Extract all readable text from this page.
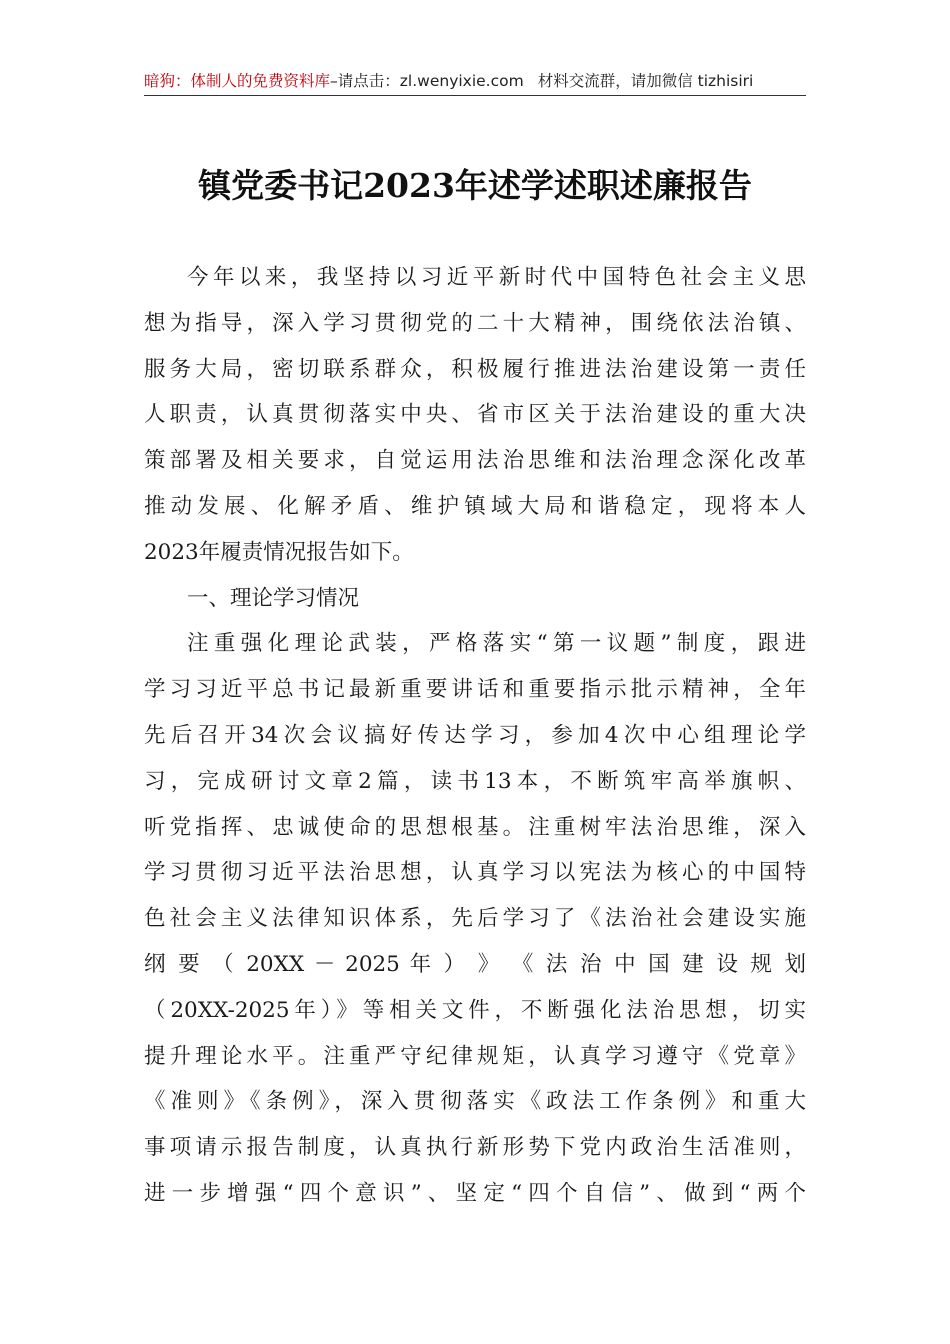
暗狗：体制人的免费资料库–请点击：zl.wenyixie.com 材料交流群，请加微信 tizhisiri
镇党委书记2023年述学述职述廉报告
今年以来，我坚持以习近平新时代中国特色社会主义思
想为指导，深入学习贯彻党的二十大精神，围绕依法治镇、
服务大局，密切联系群众，积极履行推进法治建设第一责任
人职责，认真贯彻落实中央、省市区关于法治建设的重大决
策部署及相关要求，自觉运用法治思维和法治理念深化改革
推动发展、化解矛盾、维护镇域大局和谐稳定，现将本人
2023年履责情况报告如下。
一、理论学习情况
注重强化理论武装，严格落实“第一议题”制度，跟进
学习习近平总书记最新重要讲话和重要指示批示精神，全年
先后召开34次会议搞好传达学习，参加4次中心组理论学
习，完成研讨文章2篇，读书13本，不断筑牢高举旗帜、
听党指挥、忠诚使命的思想根基。注重树牢法治思维，深入
学习贯彻习近平法治思想，认真学习以宪法为核心的中国特
色社会主义法律知识体系，先后学习了《法治社会建设实施
纲 要 （ 20XX － 2025 年 ） 》 《 法 治 中 国 建 设 规 划
（20XX-2025年）》等相关文件，不断强化法治思想，切实
提升理论水平。注重严守纪律规矩，认真学习遵守《党章》
《准则》《条例》，深入贯彻落实《政法工作条例》和重大
事项请示报告制度，认真执行新形势下党内政治生活准则，
进一步增强“四个意识”、坚定“四个自信”、做到“两个
